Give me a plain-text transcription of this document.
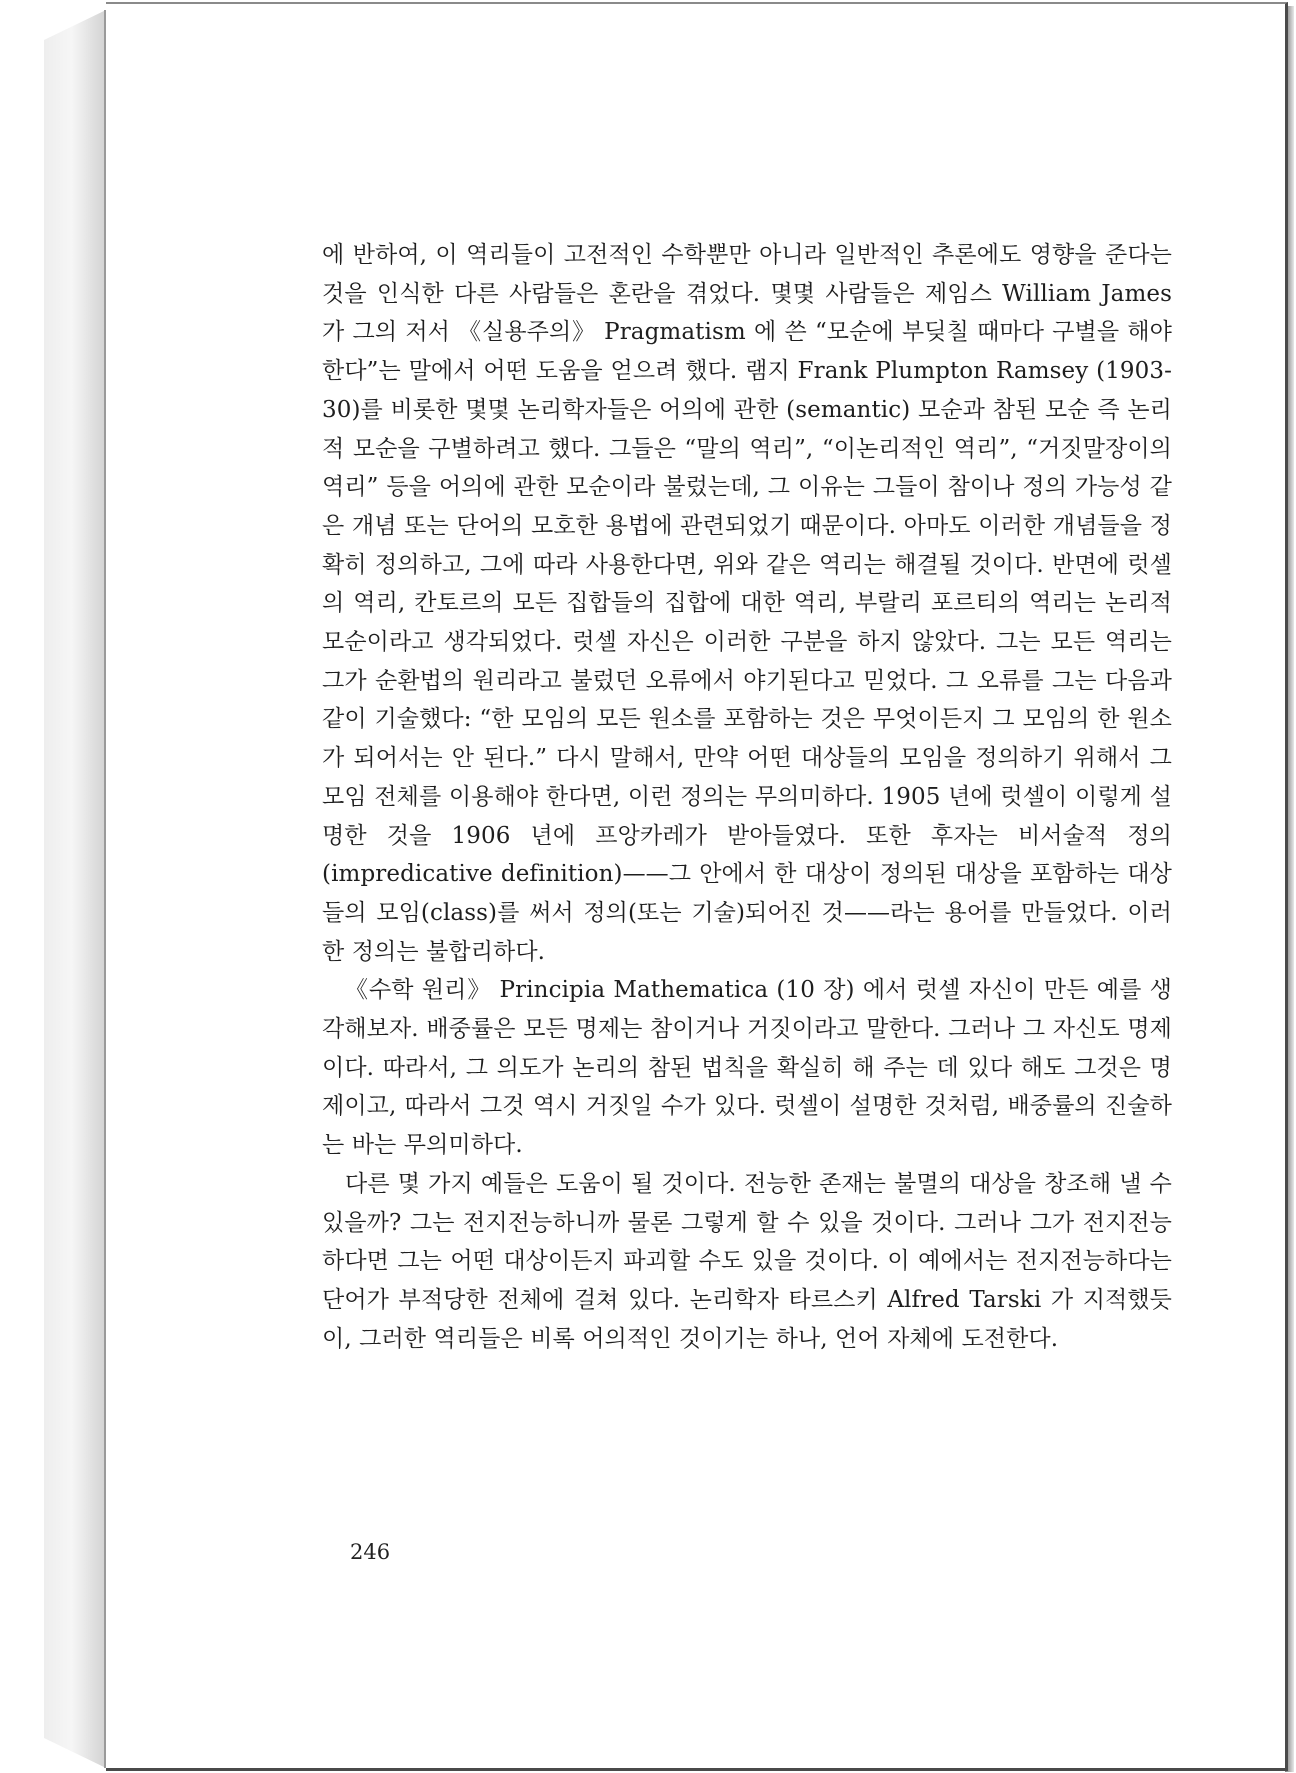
에 반하여, 이 역리들이 고전적인 수학뿐만 아니라 일반적인 추론에도 영향을 준다는 것을 인식한 다른 사람들은 혼란을 겪었다. 몇몇 사람들은 제임스 William James 가 그의 저서 《실용주의》 Pragmatism 에 쓴 “모순에 부딪칠 때마다 구별을 해야 한다”는 말에서 어떤 도움을 얻으려 했다. 램지 Frank Plumpton Ramsey (1903-30)를 비롯한 몇몇 논리학자들은 어의에 관한 (semantic) 모순과 참된 모순 즉 논리적 모순을 구별하려고 했다. 그들은 “말의 역리”, “이논리적인 역리”, “거짓말장이의 역리” 등을 어의에 관한 모순이라 불렀는데, 그 이유는 그들이 참이나 정의 가능성 같은 개념 또는 단어의 모호한 용법에 관련되었기 때문이다. 아마도 이러한 개념들을 정확히 정의하고, 그에 따라 사용한다면, 위와 같은 역리는 해결될 것이다. 반면에 럿셀의 역리, 칸토르의 모든 집합들의 집합에 대한 역리, 부랄리 포르티의 역리는 논리적 모순이라고 생각되었다. 럿셀 자신은 이러한 구분을 하지 않았다. 그는 모든 역리는 그가 순환법의 원리라고 불렀던 오류에서 야기된다고 믿었다. 그 오류를 그는 다음과 같이 기술했다: “한 모임의 모든 원소를 포함하는 것은 무엇이든지 그 모임의 한 원소가 되어서는 안 된다.” 다시 말해서, 만약 어떤 대상들의 모임을 정의하기 위해서 그 모임 전체를 이용해야 한다면, 이런 정의는 무의미하다. 1905 년에 럿셀이 이렇게 설명한 것을 1906 년에 프앙카레가 받아들였다. 또한 후자는 비서술적 정의(impredicative definition)——그 안에서 한 대상이 정의된 대상을 포함하는 대상들의 모임(class)를 써서 정의(또는 기술)되어진 것——라는 용어를 만들었다. 이러한 정의는 불합리하다.

《수학 원리》 Principia Mathematica (10 장) 에서 럿셀 자신이 만든 예를 생각해보자. 배중률은 모든 명제는 참이거나 거짓이라고 말한다. 그러나 그 자신도 명제이다. 따라서, 그 의도가 논리의 참된 법칙을 확실히 해 주는 데 있다 해도 그것은 명제이고, 따라서 그것 역시 거짓일 수가 있다. 럿셀이 설명한 것처럼, 배중률의 진술하는 바는 무의미하다.

다른 몇 가지 예들은 도움이 될 것이다. 전능한 존재는 불멸의 대상을 창조해 낼 수 있을까? 그는 전지전능하니까 물론 그렇게 할 수 있을 것이다. 그러나 그가 전지전능하다면 그는 어떤 대상이든지 파괴할 수도 있을 것이다. 이 예에서는 전지전능하다는 단어가 부적당한 전체에 걸쳐 있다. 논리학자 타르스키 Alfred Tarski 가 지적했듯이, 그러한 역리들은 비록 어의적인 것이기는 하나, 언어 자체에 도전한다.

246
